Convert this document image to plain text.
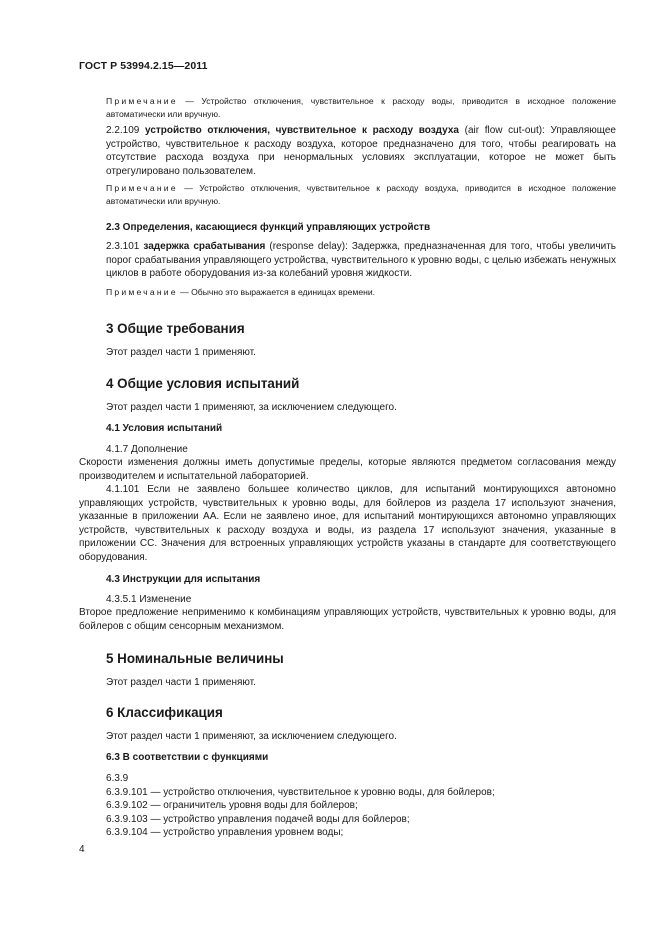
ГОСТ Р 53994.2.15—2011

Примечание — Устройство отключения, чувствительное к расходу воды, приводится в исходное положение автоматически или вручную.

2.2.109 устройство отключения, чувствительное к расходу воздуха (air flow cut-out): Управляющее устройство, чувствительное к расходу воздуха, которое предназначено для того, чтобы реагировать на отсутствие расхода воздуха при ненормальных условиях эксплуатации, которое не может быть отрегулировано пользователем.

Примечание — Устройство отключения, чувствительное к расходу воздуха, приводится в исходное положение автоматически или вручную.

2.3 Определения, касающиеся функций управляющих устройств

2.3.101 задержка срабатывания (response delay): Задержка, предназначенная для того, чтобы увеличить порог срабатывания управляющего устройства, чувствительного к уровню воды, с целью избежать ненужных циклов в работе оборудования из-за колебаний уровня жидкости.

Примечание — Обычно это выражается в единицах времени.

3 Общие требования

Этот раздел части 1 применяют.

4 Общие условия испытаний

Этот раздел части 1 применяют, за исключением следующего.

4.1 Условия испытаний

4.1.7 Дополнение

Скорости изменения должны иметь допустимые пределы, которые являются предметом согласования между производителем и испытательной лабораторией.

4.1.101 Если не заявлено большее количество циклов, для испытаний монтирующихся автономно управляющих устройств, чувствительных к уровню воды, для бойлеров из раздела 17 используют значения, указанные в приложении АА. Если не заявлено иное, для испытаний монтирующихся автономно управляющих устройств, чувствительных к расходу воздуха и воды, из раздела 17 используют значения, указанные в приложении СС. Значения для встроенных управляющих устройств указаны в стандарте для соответствующего оборудования.

4.3 Инструкции для испытания

4.3.5.1 Изменение

Второе предложение неприменимо к комбинациям управляющих устройств, чувствительных к уровню воды, для бойлеров с общим сенсорным механизмом.

5 Номинальные величины

Этот раздел части 1 применяют.

6 Классификация

Этот раздел части 1 применяют, за исключением следующего.

6.3 В соответствии с функциями

6.3.9

6.3.9.101 — устройство отключения, чувствительное к уровню воды, для бойлеров;

6.3.9.102 — ограничитель уровня воды для бойлеров;

6.3.9.103 — устройство управления подачей воды для бойлеров;

6.3.9.104 — устройство управления уровнем воды;

4
